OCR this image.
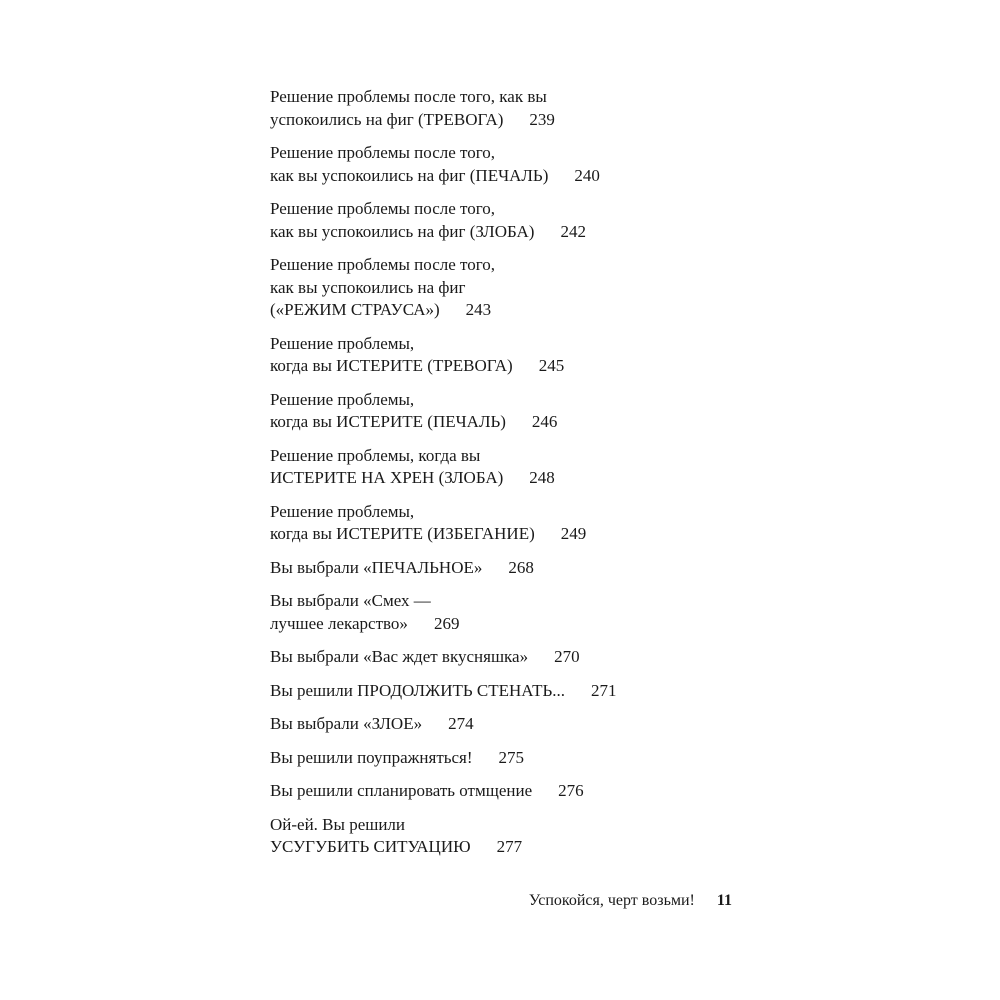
Решение проблемы после того, как вы
успокоились на фиг (ТРЕВОГА) 239
Решение проблемы после того,
как вы успокоились на фиг (ПЕЧАЛЬ) 240
Решение проблемы после того,
как вы успокоились на фиг (ЗЛОБА) 242
Решение проблемы после того,
как вы успокоились на фиг
(«РЕЖИМ СТРАУСА») 243
Решение проблемы,
когда вы ИСТЕРИТЕ (ТРЕВОГА) 245
Решение проблемы,
когда вы ИСТЕРИТЕ (ПЕЧАЛЬ) 246
Решение проблемы, когда вы
ИСТЕРИТЕ НА ХРЕН (ЗЛОБА) 248
Решение проблемы,
когда вы ИСТЕРИТЕ (ИЗБЕГАНИЕ) 249
Вы выбрали «ПЕЧАЛЬНОЕ» 268
Вы выбрали «Смех —
лучшее лекарство» 269
Вы выбрали «Вас ждет вкусняшка» 270
Вы решили ПРОДОЛЖИТЬ СТЕНАТЬ... 271
Вы выбрали «ЗЛОЕ» 274
Вы решили поупражняться! 275
Вы решили спланировать отмщение 276
Ой-ей. Вы решили
УСУГУБИТЬ СИТУАЦИЮ 277
Успокойся, черт возьми! 11
